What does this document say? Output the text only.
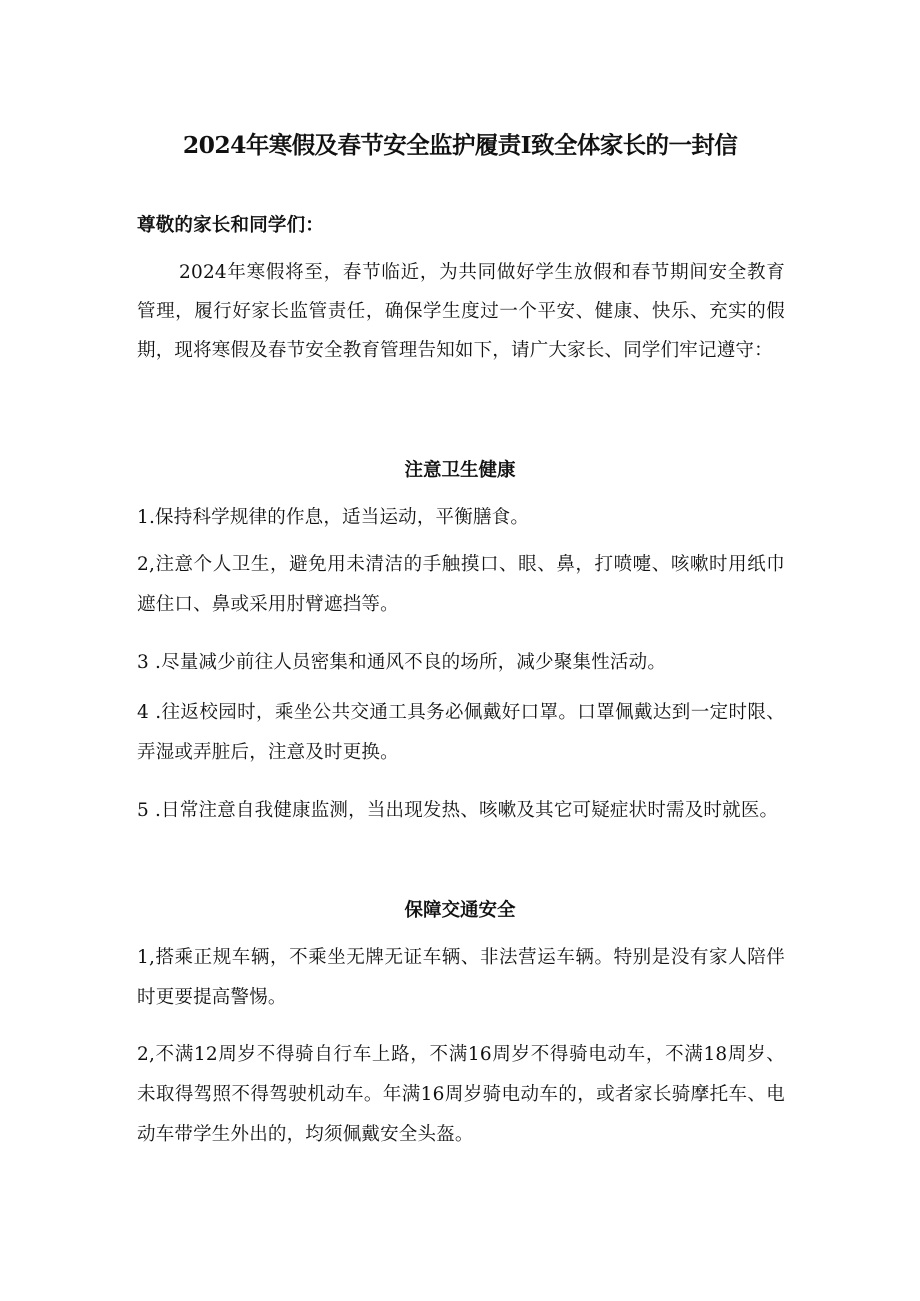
2024年寒假及春节安全监护履责I致全体家长的一封信

尊敬的家长和同学们：

2024年寒假将至，春节临近，为共同做好学生放假和春节期间安全教育管理，履行好家长监管责任，确保学生度过一个平安、健康、快乐、充实的假期，现将寒假及春节安全教育管理告知如下，请广大家长、同学们牢记遵守：

注意卫生健康

1.保持科学规律的作息，适当运动，平衡膳食。

2,注意个人卫生，避免用未清洁的手触摸口、眼、鼻，打喷嚏、咳嗽时用纸巾遮住口、鼻或采用肘臂遮挡等。

3 .尽量减少前往人员密集和通风不良的场所，减少聚集性活动。

4 .往返校园时，乘坐公共交通工具务必佩戴好口罩。口罩佩戴达到一定时限、弄湿或弄脏后，注意及时更换。

5 .日常注意自我健康监测，当出现发热、咳嗽及其它可疑症状时需及时就医。

保障交通安全

1,搭乘正规车辆，不乘坐无牌无证车辆、非法营运车辆。特别是没有家人陪伴时更要提高警惕。

2,不满12周岁不得骑自行车上路，不满16周岁不得骑电动车，不满18周岁、未取得驾照不得驾驶机动车。年满16周岁骑电动车的，或者家长骑摩托车、电动车带学生外出的，均须佩戴安全头盔。
